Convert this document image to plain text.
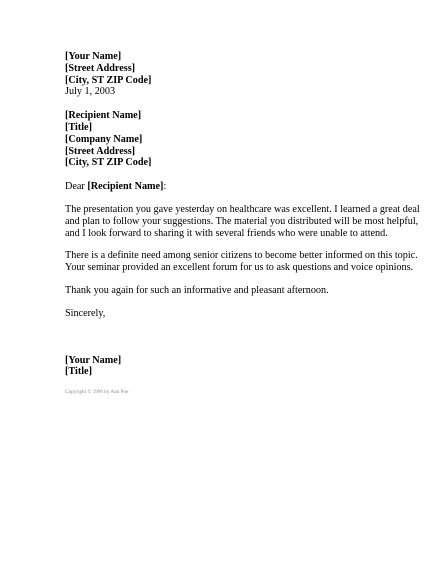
[Your Name]
[Street Address]
[City, ST ZIP Code]
July 1, 2003
[Recipient Name]
[Title]
[Company Name]
[Street Address]
[City, ST ZIP Code]
Dear [Recipient Name]:
The presentation you gave yesterday on healthcare was excellent. I learned a great deal
and plan to follow your suggestions. The material you distributed will be most helpful,
and I look forward to sharing it with several friends who were unable to attend.
There is a definite need among senior citizens to become better informed on this topic.
Your seminar provided an excellent forum for us to ask questions and voice opinions.
Thank you again for such an informative and pleasant afternoon.
Sincerely,
[Your Name]
[Title]
Copyright © 1996 by Ann Poe
